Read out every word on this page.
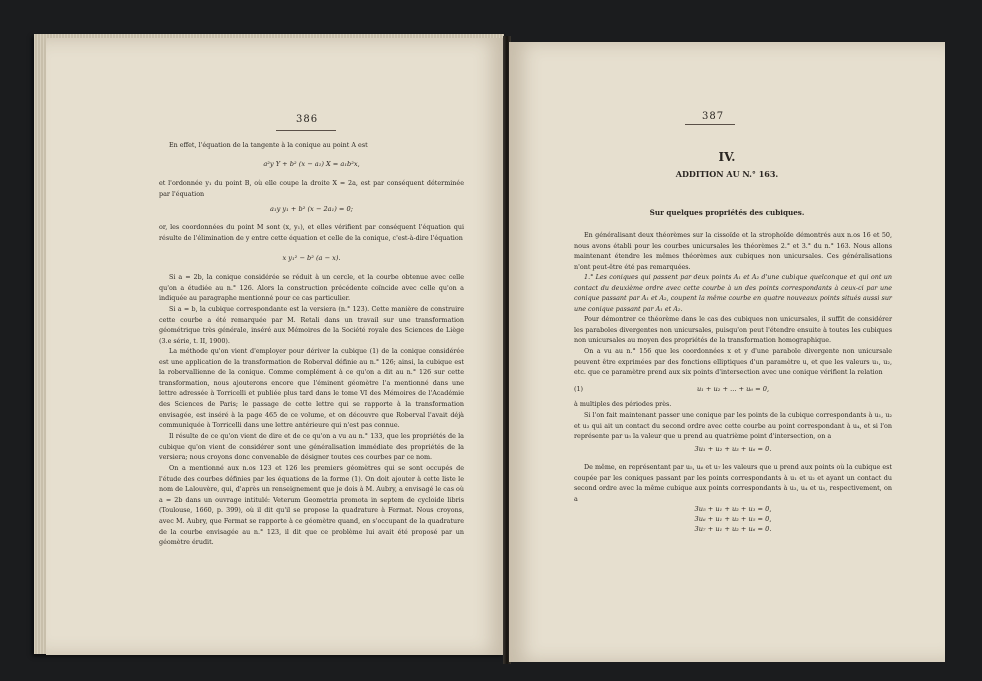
386

En effet, l'équation de la tangente à la conique au point A est

a²y Y + b² (x − a₁) X = a₁b²x,

et l'ordonnée y₁ du point B, où elle coupe la droite X = 2a, est par conséquent déterminée par l'équation

a₁y y₁ + b² (x − 2a₁) = 0;

or, les coordonnées du point M sont (x, y₁), et elles vérifient par conséquent l'équation qui résulte de l'élimination de y entre cette équation et celle de la conique, c'est-à-dire l'équation

x y₁² − b² (a − x).

Si a = 2b, la conique considérée se réduit à un cercle, et la courbe obtenue avec celle qu'on a étudiée au n.° 126. Alors la construction précédente coïncide avec celle qu'on a indiquée au paragraphe mentionné pour ce cas particulier.

Si a = b, la cubique correspondante est la versiera (n.° 123). Cette manière de construire cette courbe a été remarquée par M. Retali dans un travail sur une transformation géométrique très générale, inséré aux Mémoires de la Société royale des Sciences de Liège (3.e série, t. II, 1900).

La méthode qu'on vient d'employer pour dériver la cubique (1) de la conique considérée est une application de la transformation de Roberval définie au n.° 126; ainsi, la cubique est la robervallienne de la conique. Comme complément à ce qu'on a dit au n.° 126 sur cette transformation, nous ajouterons encore que l'éminent géomètre l'a mentionné dans une lettre adressée à Torricelli et publiée plus tard dans le tome VI des Mémoires de l'Académie des Sciences de Paris; le passage de cette lettre qui se rapporte à la transformation envisagée, est inséré à la page 465 de ce volume, et on découvre que Roberval l'avait déjà communiquée à Torricelli dans une lettre antérieure qui n'est pas connue.

Il résulte de ce qu'on vient de dire et de ce qu'on a vu au n.° 133, que les propriétés de la cubique qu'on vient de considérer sont une généralisation immédiate des propriétés de la versiera; nous croyons donc convenable de désigner toutes ces courbes par ce nom.

On a mentionné aux n.os 123 et 126 les premiers géomètres qui se sont occupés de l'étude des courbes définies par les équations de la forme (1). On doit ajouter à cette liste le nom de Lalouvère, qui, d'après un renseignement que je dois à M. Aubry, a envisagé le cas où a = 2b dans un ouvrage intitulé: Veterum Geometria promota in septem de cycloide libris (Toulouse, 1660, p. 399), où il dit qu'il se propose la quadrature à Fermat. Nous croyons, avec M. Aubry, que Fermat se rapporte à ce géomètre quand, en s'occupant de la quadrature de la courbe envisagée au n.° 123, il dit que ce problème lui avait été proposé par un géomètre érudit.

387
IV.
ADDITION AU N.° 163.
Sur quelques propriétés des cubiques.

En généralisant deux théorèmes sur la cissoïde et la strophoïde démontrés aux n.os 16 et 50, nous avons établi pour les courbes unicursales les théorèmes 2.° et 3.° du n.° 163. Nous allons maintenant étendre les mêmes théorèmes aux cubiques non unicursales. Ces généralisations n'ont peut-être été pas remarquées.

1.° Les coniques qui passent par deux points A₁ et A₂ d'une cubique quelconque et qui ont un contact du deuxième ordre avec cette courbe à un des points correspondants à ceux-ci par une conique passant par A₁ et A₂, coupent la même courbe en quatre nouveaux points situés aussi sur une conique passant par A₁ et A₂.

Pour démontrer ce théorème dans le cas des cubiques non unicursales, il suffit de considérer les paraboles divergentes non unicursales, puisqu'on peut l'étendre ensuite à toutes les cubiques non unicursales au moyen des propriétés de la transformation homographique.

On a vu au n.° 156 que les coordonnées x et y d'une parabole divergente non unicursale peuvent être exprimées par des fonctions elliptiques d'un paramètre u, et que les valeurs u₁, u₂, etc. que ce paramètre prend aux six points d'intersection avec une conique vérifient la relation

(1)	u₁ + u₂ + ... + u₆ = 0,

à multiples des périodes près.

Si l'on fait maintenant passer une conique par les points de la cubique correspondants à u₁, u₂ et u₃ qui ait un contact du second ordre avec cette courbe au point correspondant à u₄, et si l'on représente par u₅ la valeur que u prend au quatrième point d'intersection, on a

3u₁ + u₂ + u₃ + u₆ = 0.

De même, en représentant par u₅, u₆ et u₇ les valeurs que u prend aux points où la cubique est coupée par les coniques passant par les points correspondants à u₁ et u₂ et ayant un contact du second ordre avec la même cubique aux points correspondants à u₃, u₄ et u₅, respectivement, on a

3u₅ + u₁ + u₂ + u₃ = 0,
3u₆ + u₁ + u₂ + u₅ = 0,
3u₇ + u₁ + u₂ + u₆ = 0.
